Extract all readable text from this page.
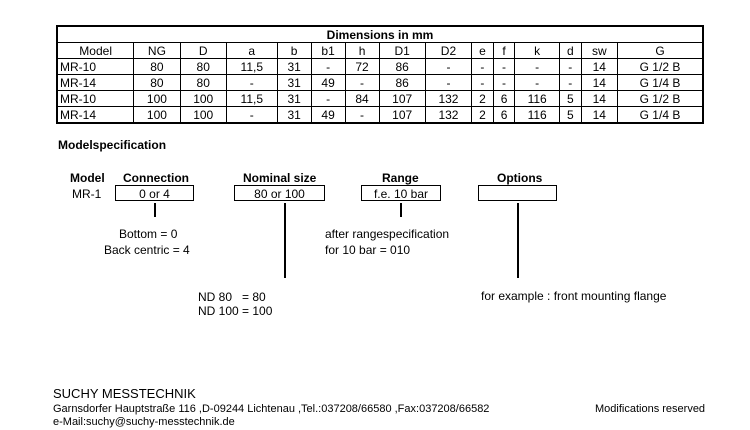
Dimensions in mm														
Model	NG	D	a	b	b1	h	D1	D2	e	f	k	d	sw	G
MR-10	80	80	11,5	31	-	72	86	-	-	-	-	-	14	G 1/2 B
MR-14	80	80	-	31	49	-	86	-	-	-	-	-	14	G 1/4 B
MR-10	100	100	11,5	31	-	84	107	132	2	6	116	5	14	G 1/2 B
MR-14	100	100	-	31	49	-	107	132	2	6	116	5	14	G 1/4 B
Modelspecification
Model Connection	Nominal size	Range	Options
MR-1	0 or 4	80 or 100	f.e. 10 bar
Bottom = 0
Back centric = 4
after rangespecification
for 10 bar = 010
ND 80   = 80
ND 100 = 100
for example : front mounting flange
SUCHY MESSTECHNIK
Garnsdorfer Hauptstraße 116 ,D-09244 Lichtenau ,Tel.:037208/66580 ,Fax:037208/66582
e-Mail:suchy@suchy-messtechnik.de
Modifications reserved
